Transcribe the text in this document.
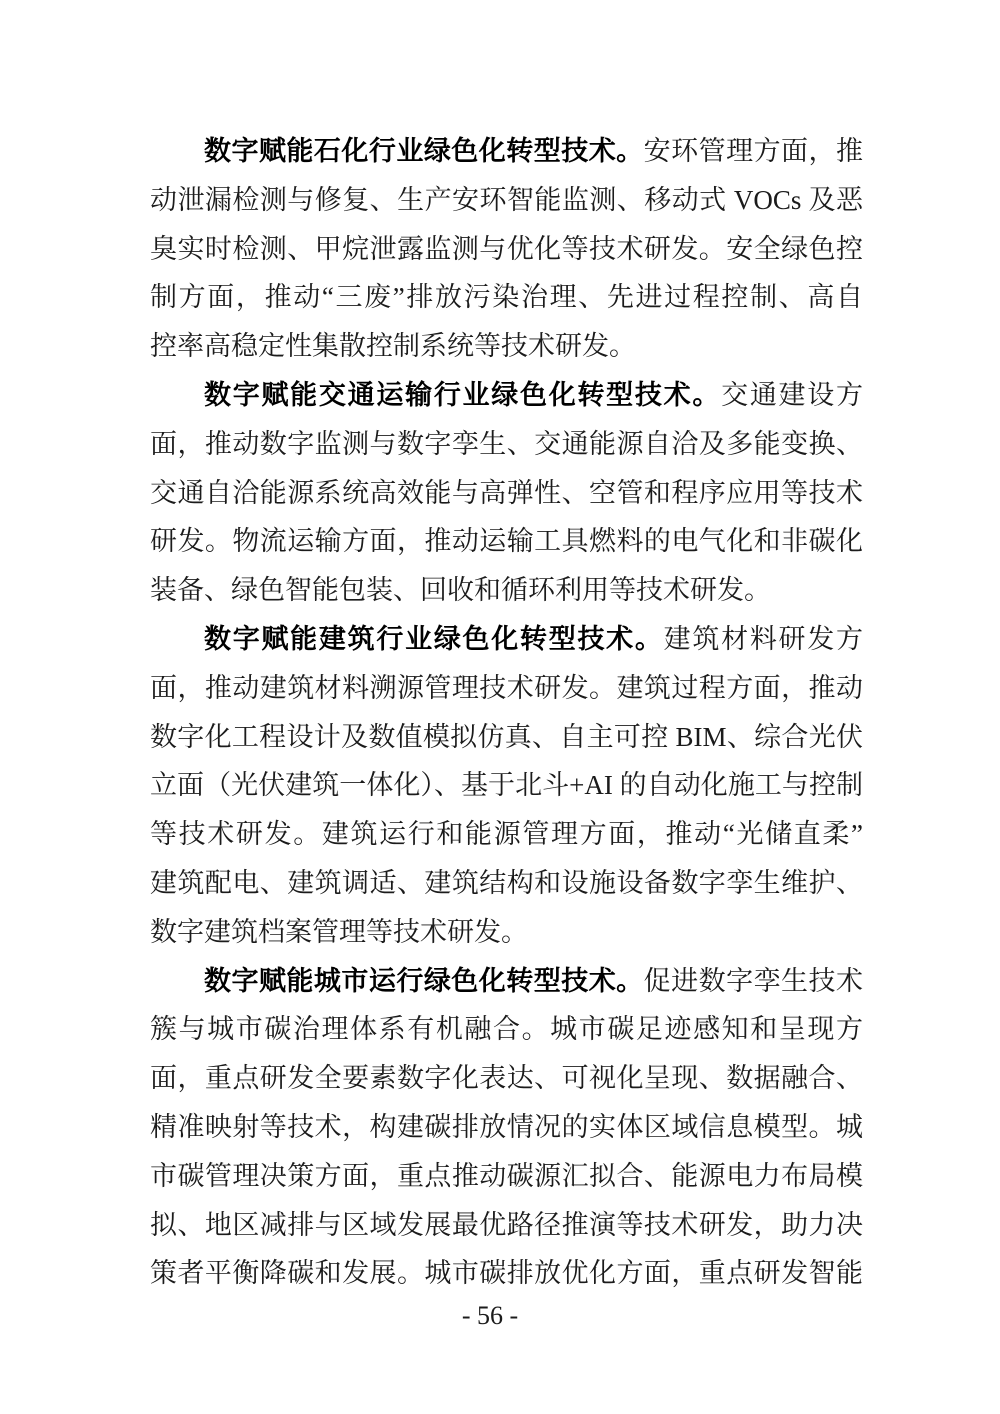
数字赋能石化行业绿色化转型技术。安环管理方面，推
动泄漏检测与修复、生产安环智能监测、移动式 VOCs 及恶
臭实时检测、甲烷泄露监测与优化等技术研发。安全绿色控
制方面，推动“三废”排放污染治理、先进过程控制、高自
控率高稳定性集散控制系统等技术研发。
数字赋能交通运输行业绿色化转型技术。交通建设方
面，推动数字监测与数字孪生、交通能源自洽及多能变换、
交通自洽能源系统高效能与高弹性、空管和程序应用等技术
研发。物流运输方面，推动运输工具燃料的电气化和非碳化
装备、绿色智能包装、回收和循环利用等技术研发。
数字赋能建筑行业绿色化转型技术。建筑材料研发方
面，推动建筑材料溯源管理技术研发。建筑过程方面，推动
数字化工程设计及数值模拟仿真、自主可控 BIM、综合光伏
立面（光伏建筑一体化）、基于北斗+AI 的自动化施工与控制
等技术研发。建筑运行和能源管理方面，推动“光储直柔”
建筑配电、建筑调适、建筑结构和设施设备数字孪生维护、
数字建筑档案管理等技术研发。
数字赋能城市运行绿色化转型技术。促进数字孪生技术
簇与城市碳治理体系有机融合。城市碳足迹感知和呈现方
面，重点研发全要素数字化表达、可视化呈现、数据融合、
精准映射等技术，构建碳排放情况的实体区域信息模型。城
市碳管理决策方面，重点推动碳源汇拟合、能源电力布局模
拟、地区减排与区域发展最优路径推演等技术研发，助力决
策者平衡降碳和发展。城市碳排放优化方面，重点研发智能
- 56 -
